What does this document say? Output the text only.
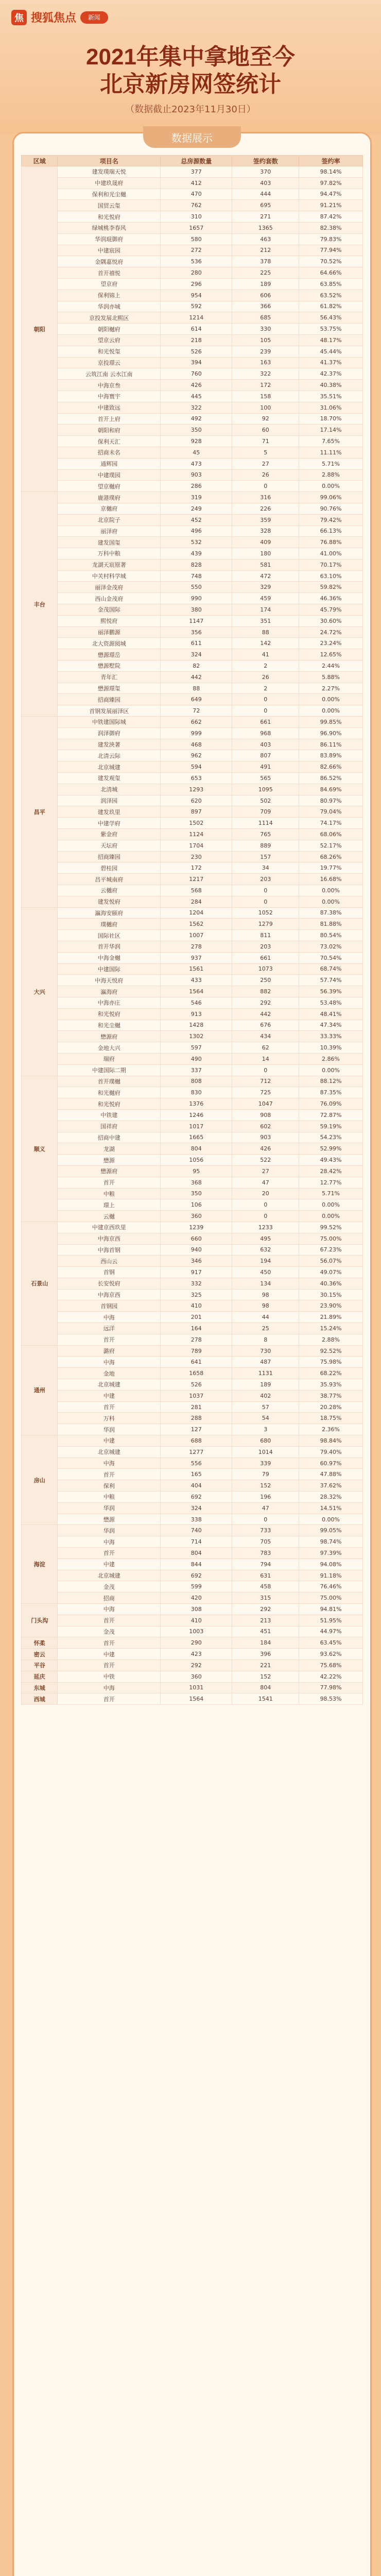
焦 搜狐焦点	新闻
2021年集中拿地至今
北京新房网签统计
（数据截止2023年11月30日）
数据展示
区域	项目名	总房源数量	签约套数	签约率
朝阳	建发璞瑞天悦	377	370	98.14%
	中建玖晟府	412	403	97.82%
	保利和光尘樾	470	444	94.47%
	国贸云玺	762	695	91.21%
	和光悦府	310	271	87.42%
	绿城桃李春风	1657	1365	82.38%
	华润琨御府	580	463	79.83%
	中建宸园	272	212	77.94%
	金隅嘉悦府	536	378	70.52%
	首开禧悦	280	225	64.66%
	望京府	296	189	63.85%
	保利锦上	954	606	63.52%
	华润亦城	592	366	61.82%
	京投发展北熙区	1214	685	56.43%
	朝阳樾府	614	330	53.75%
	望京云府	218	105	48.17%
	和光悦玺	526	239	45.44%
	京投璟云	394	163	41.37%
	云筑江南 云水江南	760	322	42.37%
	中海京叁	426	172	40.38%
	中海寰宇	445	158	35.51%
	中建致远	322	100	31.06%
	首开上府	492	92	18.70%
	朝阳和府	350	60	17.14%
	保利天汇	928	71	7.65%
	招商未名	45	5	11.11%
	通辉园	473	27	5.71%
	中建璞园	903	26	2.88%
	望京樾府	286	0	0.00%
丰台	鹿港璞府	319	316	99.06%
	京樾府	249	226	90.76%
	北京院子	452	359	79.42%
	丽泽府	496	328	66.13%
	建发国玺	532	409	76.88%
	万科中粮	439	180	41.00%
	龙湖天宸原著	828	581	70.17%
	中关村科学城	748	472	63.10%
	丽泽金茂府	550	329	59.82%
	西山金茂府	990	459	46.36%
	金茂国际	380	174	45.79%
	熙悦府	1147	351	30.60%
	丽泽鹏源	356	88	24.72%
	北大资源阅城	611	142	23.24%
	懋源璟岳	324	41	12.65%
	懋源墅院	82	2	2.44%
	青年汇	442	26	5.88%
	懋源璟玺	88	2	2.27%
	招商臻园	649	0	0.00%
	首钢发展丽泽区	72	0	0.00%
昌平	中铁建国际城	662	661	99.85%
	润泽御府	999	968	96.90%
	建发泱著	468	403	86.11%
	北清云际	962	807	83.89%
	北京城建	594	491	82.66%
	建发观玺	653	565	86.52%
	北清城	1293	1095	84.69%
	润泽园	620	502	80.97%
	建发玖里	897	709	79.04%
	中建学府	1502	1114	74.17%
	紫金府	1124	765	68.06%
	天坛府	1704	889	52.17%
	招商臻园	230	157	68.26%
	碧桂园	172	34	19.77%
	昌平城南府	1217	203	16.68%
	云樾府	568	0	0.00%
	建发悦府	284	0	0.00%
大兴	瀛海安颐府	1204	1052	87.38%
	璞樾府	1562	1279	81.88%
	国际社区	1007	811	80.54%
	首开华润	278	203	73.02%
	中海金樾	937	661	70.54%
	中建国际	1561	1073	68.74%
	中海天悦府	433	250	57.74%
	瀛海府	1564	882	56.39%
	中海亦庄	546	292	53.48%
	和光悦府	913	442	48.41%
	和光尘樾	1428	676	47.34%
	懋源府	1302	434	33.33%
	金地大兴	597	62	10.39%
	瑞府	490	14	2.86%
	中建国际二期	337	0	0.00%
顺义	首开璞樾	808	712	88.12%
	和光樾府	830	725	87.35%
	和光悦府	1376	1047	76.09%
	中铁建	1246	908	72.87%
	国祥府	1017	602	59.19%
	招商中建	1665	903	54.23%
	龙湖	804	426	52.99%
	懋源	1056	522	49.43%
	懋源府	95	27	28.42%
	首开	368	47	12.77%
	中粮	350	20	5.71%
	璟上	106	0	0.00%
	云樾	360	0	0.00%
石景山	中建京西玖里	1239	1233	99.52%
	中海京西	660	495	75.00%
	中海首钢	940	632	67.23%
	西山云	346	194	56.07%
	首钢	917	450	49.07%
	长安悦府	332	134	40.36%
	中海京西	325	98	30.15%
	首钢园	410	98	23.90%
	中海	201	44	21.89%
	远洋	164	25	15.24%
	首开	278	8	2.88%
通州	潞府	789	730	92.52%
	中海	641	487	75.98%
	金地	1658	1131	68.22%
	北京城建	526	189	35.93%
	中建	1037	402	38.77%
	首开	281	57	20.28%
	万科	288	54	18.75%
	华润	127	3	2.36%
房山	中建	688	680	98.84%
	北京城建	1277	1014	79.40%
	中海	556	339	60.97%
	首开	165	79	47.88%
	保利	404	152	37.62%
	中粮	692	196	28.32%
	华润	324	47	14.51%
	懋源	338	0	0.00%
海淀	华润	740	733	99.05%
	中海	714	705	98.74%
	首开	804	783	97.39%
	中建	844	794	94.08%
	北京城建	692	631	91.18%
	金茂	599	458	76.46%
	招商	420	315	75.00%
门头沟	中海	308	292	94.81%
	首开	410	213	51.95%
	金茂	1003	451	44.97%
怀柔	首开	290	184	63.45%
密云	中建	423	396	93.62%
平谷	首开	292	221	75.68%
延庆	中铁	360	152	42.22%
东城	中海	1031	804	77.98%
西城	首开	1564	1541	98.53%
